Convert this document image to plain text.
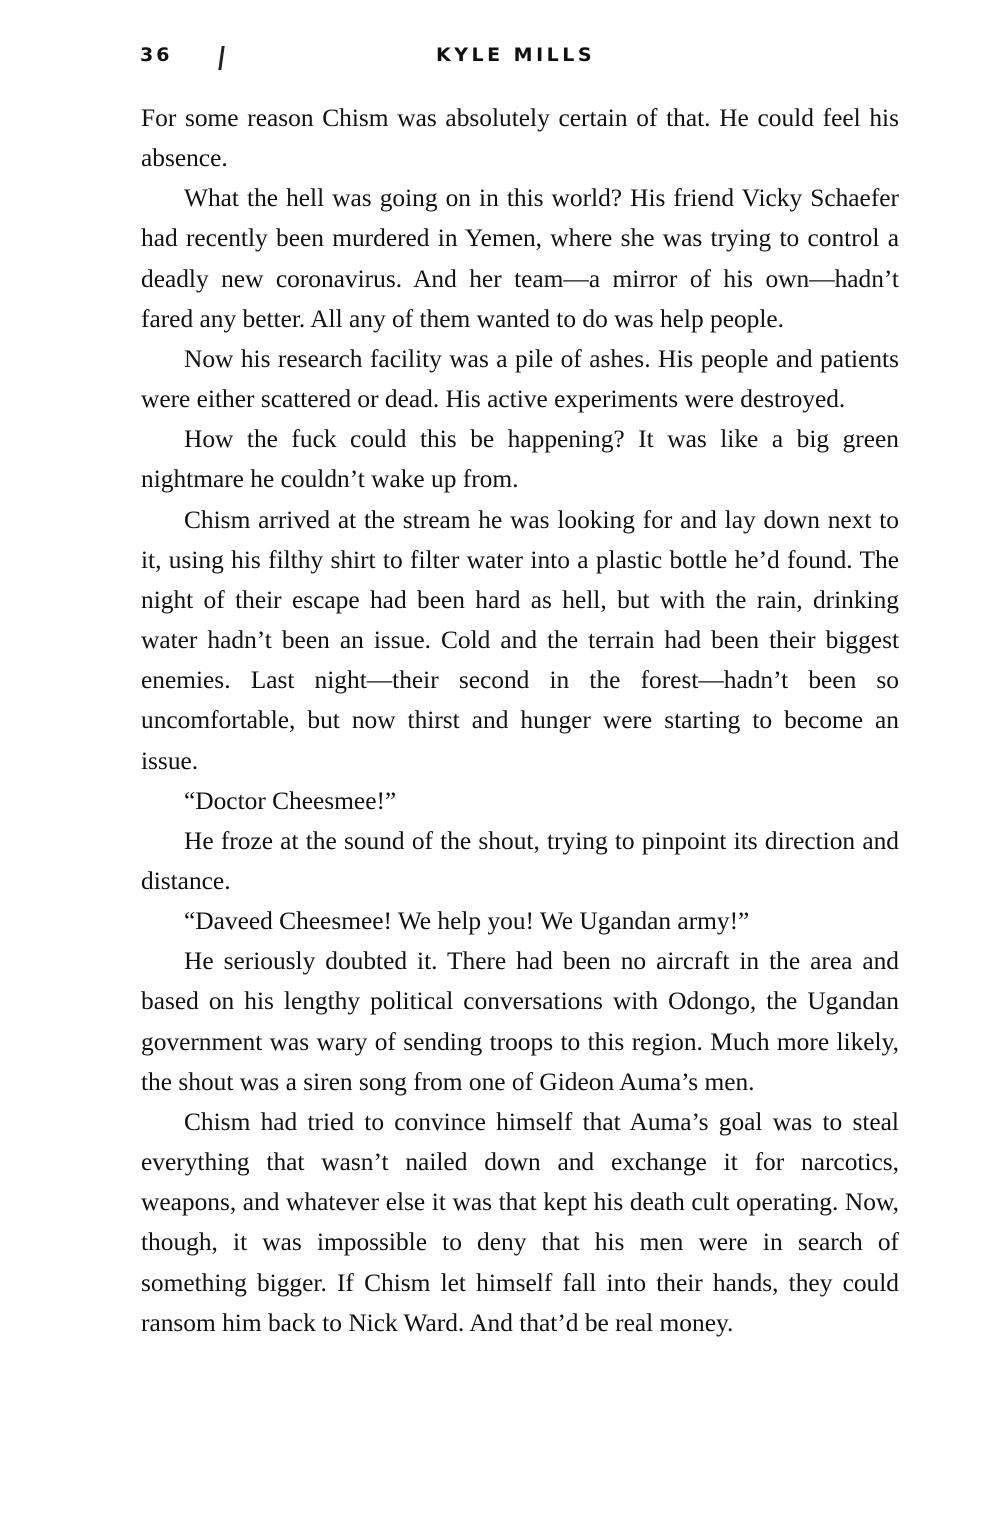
36	KYLE MILLS

For some reason Chism was absolutely certain of that. He could feel his absence.

What the hell was going on in this world? His friend Vicky Schaefer had recently been murdered in Yemen, where she was trying to control a deadly new coronavirus. And her team—a mirror of his own—hadn’t fared any better. All any of them wanted to do was help people.

Now his research facility was a pile of ashes. His people and patients were either scattered or dead. His active experiments were destroyed.

How the fuck could this be happening? It was like a big green nightmare he couldn’t wake up from.

Chism arrived at the stream he was looking for and lay down next to it, using his filthy shirt to filter water into a plastic bottle he’d found. The night of their escape had been hard as hell, but with the rain, drinking water hadn’t been an issue. Cold and the terrain had been their biggest enemies. Last night—their second in the forest—hadn’t been so uncomfortable, but now thirst and hunger were starting to become an issue.

“Doctor Cheesmee!”

He froze at the sound of the shout, trying to pinpoint its direction and distance.

“Daveed Cheesmee! We help you! We Ugandan army!”

He seriously doubted it. There had been no aircraft in the area and based on his lengthy political conversations with Odongo, the Ugandan government was wary of sending troops to this region. Much more likely, the shout was a siren song from one of Gideon Auma’s men.

Chism had tried to convince himself that Auma’s goal was to steal everything that wasn’t nailed down and exchange it for narcotics, weapons, and whatever else it was that kept his death cult operating. Now, though, it was impossible to deny that his men were in search of something bigger. If Chism let himself fall into their hands, they could ransom him back to Nick Ward. And that’d be real money.
